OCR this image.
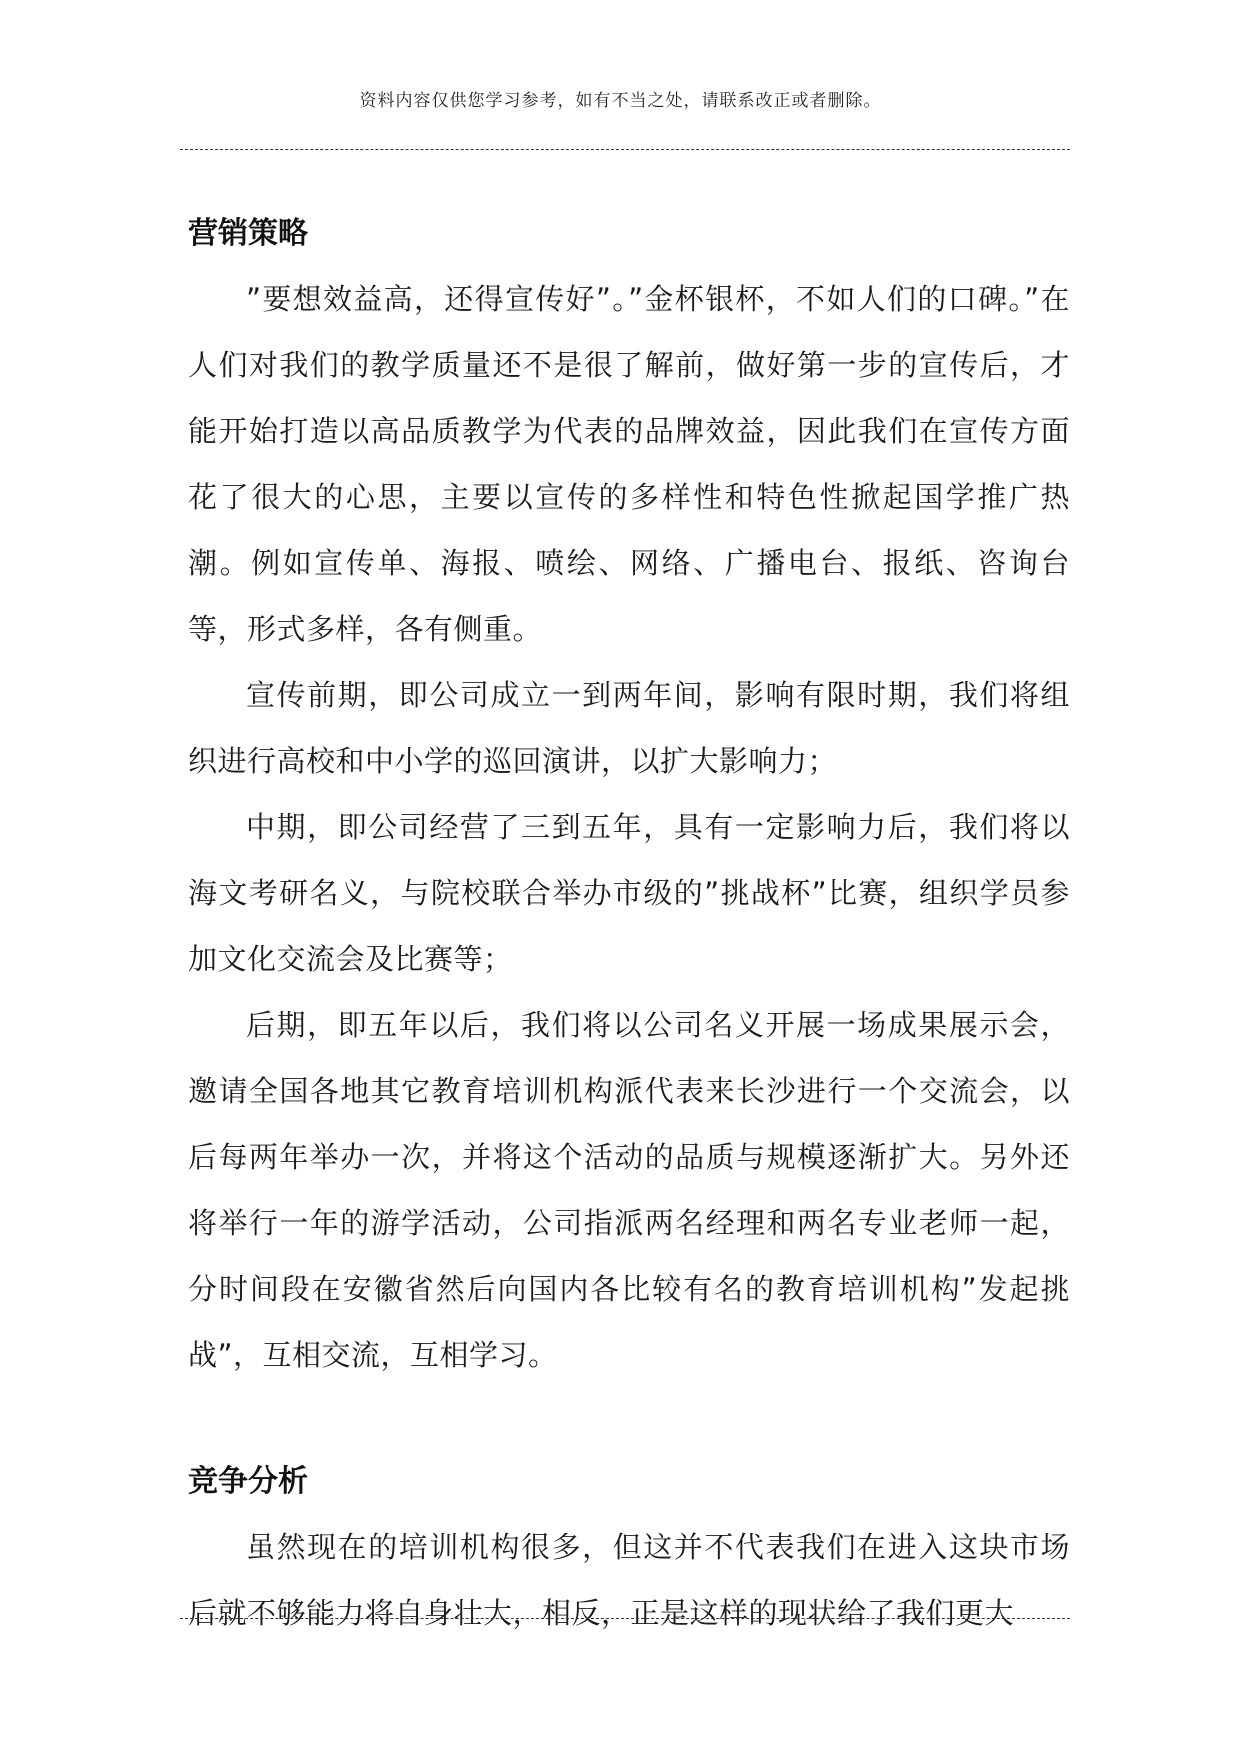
资料内容仅供您学习参考，如有不当之处，请联系改正或者删除。
营销策略

”要想效益高，还得宣传好”。”金杯银杯，不如人们的口碑。”在人们对我们的教学质量还不是很了解前，做好第一步的宣传后，才能开始打造以高品质教学为代表的品牌效益，因此我们在宣传方面花了很大的心思，主要以宣传的多样性和特色性掀起国学推广热潮。例如宣传单、海报、喷绘、网络、广播电台、报纸、咨询台等，形式多样，各有侧重。

宣传前期，即公司成立一到两年间，影响有限时期，我们将组织进行高校和中小学的巡回演讲，以扩大影响力；

中期，即公司经营了三到五年，具有一定影响力后，我们将以海文考研名义，与院校联合举办市级的”挑战杯”比赛，组织学员参加文化交流会及比赛等；

后期，即五年以后，我们将以公司名义开展一场成果展示会，邀请全国各地其它教育培训机构派代表来长沙进行一个交流会，以后每两年举办一次，并将这个活动的品质与规模逐渐扩大。另外还将举行一年的游学活动，公司指派两名经理和两名专业老师一起，分时间段在安徽省然后向国内各比较有名的教育培训机构”发起挑战”，互相交流，互相学习。

竞争分析

虽然现在的培训机构很多，但这并不代表我们在进入这块市场后就不够能力将自身壮大，相反，正是这样的现状给了我们更大
